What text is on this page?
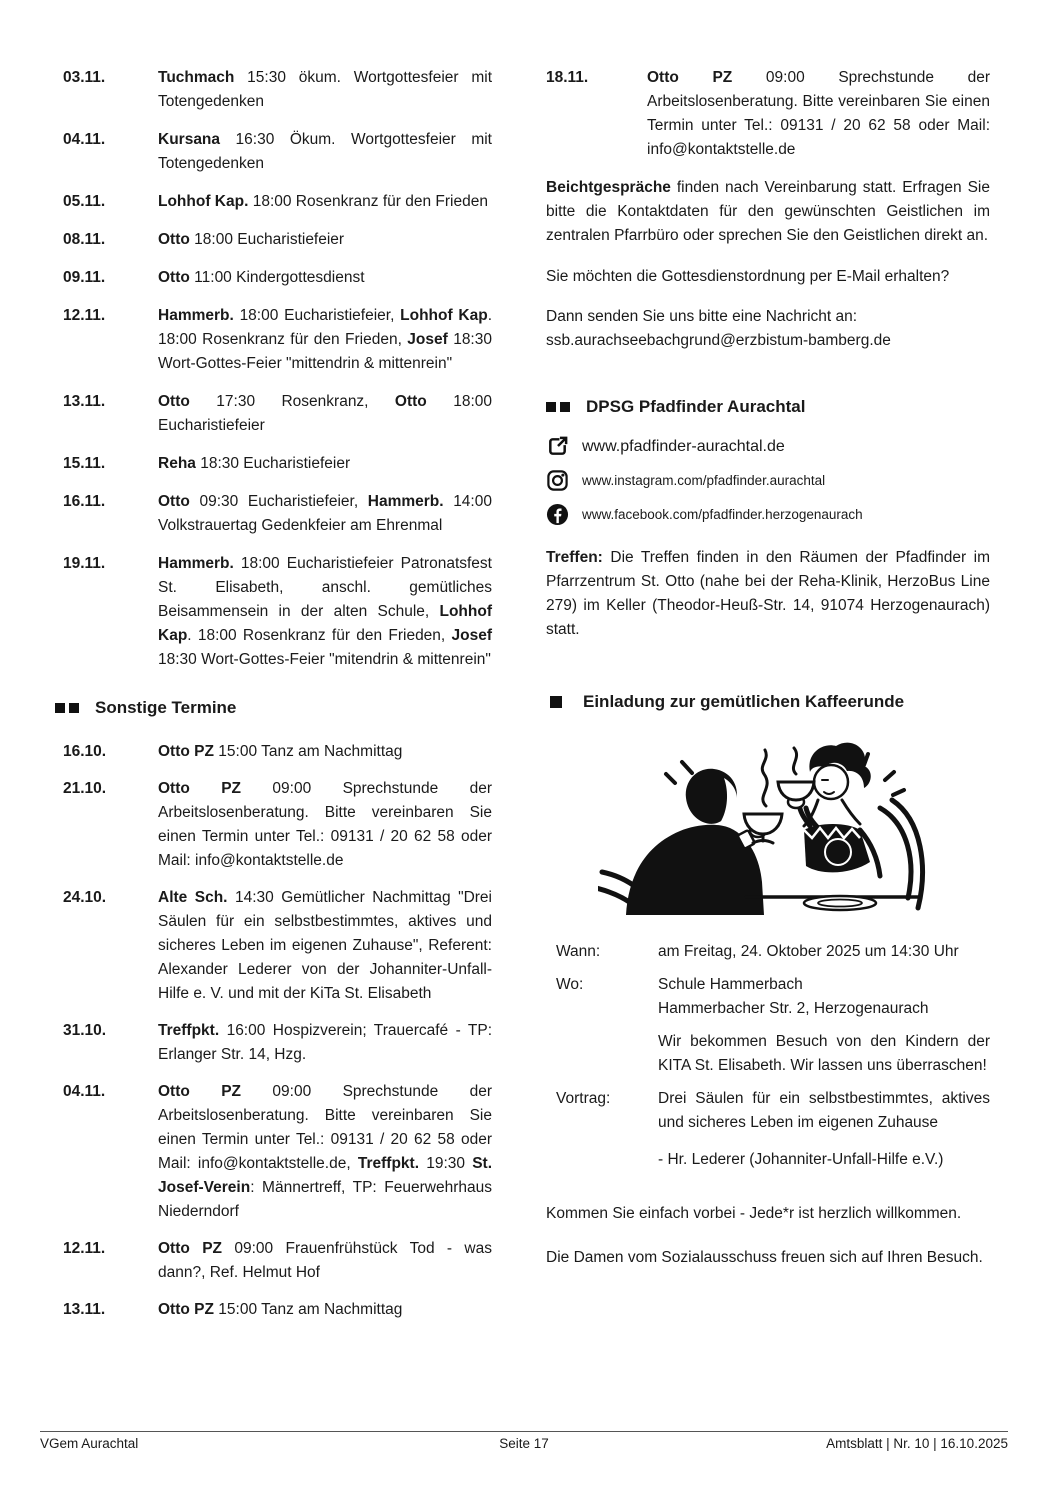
03.11.	Tuchmach 15:30 ökum. Wortgottesfeier mit Totengedenken
04.11.	Kursana 16:30 Ökum. Wortgottesfeier mit Totengedenken
05.11.	Lohhof Kap. 18:00 Rosenkranz für den Frieden
08.11.	Otto 18:00 Eucharistiefeier
09.11.	Otto 11:00 Kindergottesdienst
12.11.	Hammerb. 18:00 Eucharistiefeier, Lohhof Kap. 18:00 Rosenkranz für den Frieden, Josef 18:30 Wort-Gottes-Feier "mittendrin & mittenrein"
13.11.	Otto 17:30 Rosenkranz, Otto 18:00 Eucharistiefeier
15.11.	Reha 18:30 Eucharistiefeier
16.11.	Otto 09:30 Eucharistiefeier, Hammerb. 14:00 Volkstrauertag Gedenkfeier am Ehrenmal
19.11.	Hammerb. 18:00 Eucharistiefeier Patronatsfest St. Elisabeth, anschl. gemütliches Beisammensein in der alten Schule, Lohhof Kap. 18:00 Rosenkranz für den Frieden, Josef 18:30 Wort-Gottes-Feier "mitendrin & mittenrein"
Sonstige Termine
16.10.	Otto PZ 15:00 Tanz am Nachmittag
21.10.	Otto PZ 09:00 Sprechstunde der Arbeitslosenberatung. Bitte vereinbaren Sie einen Termin unter Tel.: 09131 / 20 62 58 oder Mail: info@kontaktstelle.de
24.10.	Alte Sch. 14:30 Gemütlicher Nachmittag "Drei Säulen für ein selbstbestimmtes, aktives und sicheres Leben im eigenen Zuhause", Referent: Alexander Lederer von der Johanniter-Unfall-Hilfe e. V. und mit der KiTa St. Elisabeth
31.10.	Treffpkt. 16:00 Hospizverein; Trauercafé - TP: Erlanger Str. 14, Hzg.
04.11.	Otto PZ 09:00 Sprechstunde der Arbeitslosenberatung. Bitte vereinbaren Sie einen Termin unter Tel.: 09131 / 20 62 58 oder Mail: info@kontaktstelle.de, Treffpkt. 19:30 St. Josef-Verein: Männertreff, TP: Feuerwehrhaus Niederndorf
12.11.	Otto PZ 09:00 Frauenfrühstück Tod - was dann?, Ref. Helmut Hof
13.11.	Otto PZ 15:00 Tanz am Nachmittag
18.11.	Otto PZ 09:00 Sprechstunde der Arbeitslosenberatung. Bitte vereinbaren Sie einen Termin unter Tel.: 09131 / 20 62 58 oder Mail: info@kontaktstelle.de

Beichtgespräche finden nach Vereinbarung statt. Erfragen Sie bitte die Kontaktdaten für den gewünschten Geistlichen im zentralen Pfarrbüro oder sprechen Sie den Geistlichen direkt an.

Sie möchten die Gottesdienstordnung per E-Mail erhalten?

Dann senden Sie uns bitte eine Nachricht an:
ssb.aurachseebachgrund@erzbistum-bamberg.de

DPSG Pfadfinder Aurachtal
www.pfadfinder-aurachtal.de
www.instagram.com/pfadfinder.aurachtal
www.facebook.com/pfadfinder.herzogenaurach

Treffen: Die Treffen finden in den Räumen der Pfadfinder im Pfarrzentrum St. Otto (nahe bei der Reha-Klinik, HerzoBus Line 279) im Keller (Theodor-Heuß-Str. 14, 91074 Herzogenaurach) statt.

Einladung zur gemütlichen Kaffeerunde
Wann:	am Freitag, 24. Oktober 2025 um 14:30 Uhr

Wo:	Schule Hammerbach
Hammerbacher Str. 2, Herzogenaurach

Wir bekommen Besuch von den Kindern der KITA St. Elisabeth. Wir lassen uns überraschen!

Vortrag:	Drei Säulen für ein selbstbestimmtes, aktives und sicheres Leben im eigenen Zuhause

- Hr. Lederer (Johanniter-Unfall-Hilfe e.V.)

Kommen Sie einfach vorbei - Jede*r ist herzlich willkommen.

Die Damen vom Sozialausschuss freuen sich auf Ihren Besuch.

VGem Aurachtal	Seite 17	Amtsblatt | Nr. 10 | 16.10.2025
